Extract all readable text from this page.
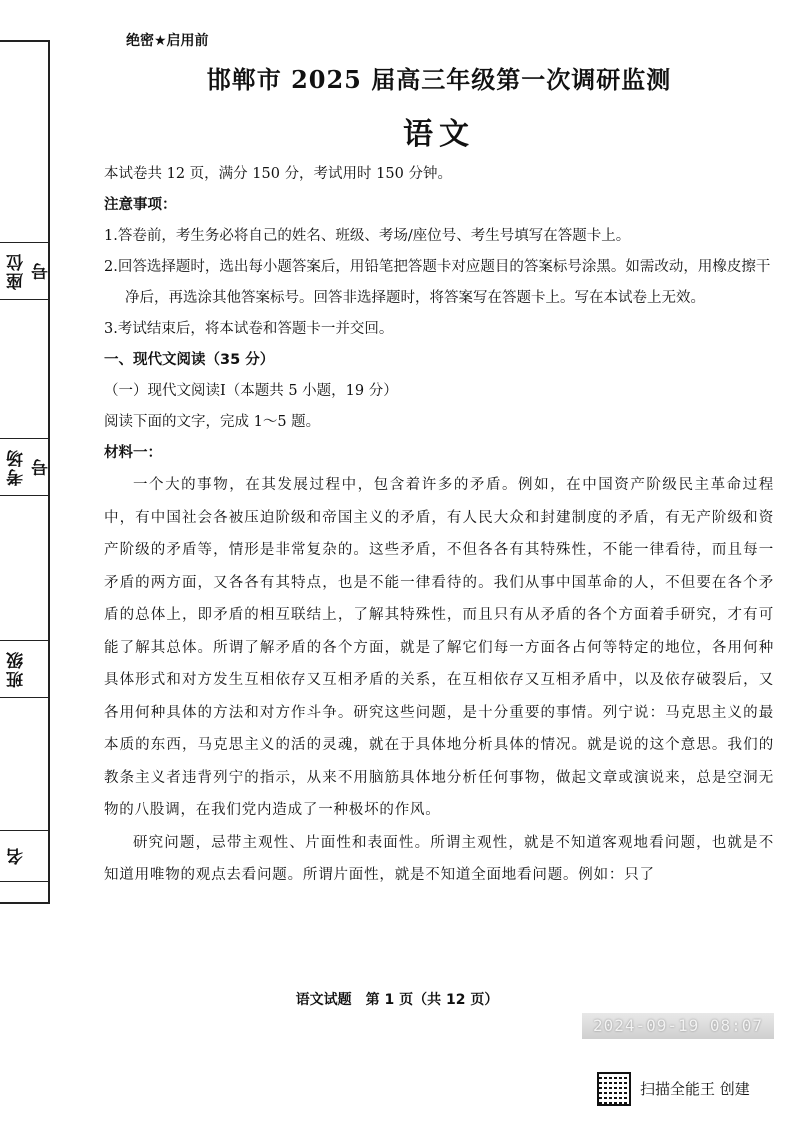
座位号
考场号
班级
名
绝密★启用前
邯郸市 2025 届高三年级第一次调研监测
语文

本试卷共 12 页，满分 150 分，考试用时 150 分钟。

注意事项：

1.答卷前，考生务必将自己的姓名、班级、考场/座位号、考生号填写在答题卡上。

2.回答选择题时，选出每小题答案后，用铅笔把答题卡对应题目的答案标号涂黑。如需改动，用橡皮擦干净后，再选涂其他答案标号。回答非选择题时，将答案写在答题卡上。写在本试卷上无效。

3.考试结束后，将本试卷和答题卡一并交回。

一、现代文阅读（35 分）

（一）现代文阅读Ⅰ（本题共 5 小题，19 分）

阅读下面的文字，完成 1～5 题。

材料一：

一个大的事物，在其发展过程中，包含着许多的矛盾。例如，在中国资产阶级民主革命过程中，有中国社会各被压迫阶级和帝国主义的矛盾，有人民大众和封建制度的矛盾，有无产阶级和资产阶级的矛盾等，情形是非常复杂的。这些矛盾，不但各各有其特殊性，不能一律看待，而且每一矛盾的两方面，又各各有其特点，也是不能一律看待的。我们从事中国革命的人，不但要在各个矛盾的总体上，即矛盾的相互联结上，了解其特殊性，而且只有从矛盾的各个方面着手研究，才有可能了解其总体。所谓了解矛盾的各个方面，就是了解它们每一方面各占何等特定的地位，各用何种具体形式和对方发生互相依存又互相矛盾的关系，在互相依存又互相矛盾中，以及依存破裂后，又各用何种具体的方法和对方作斗争。研究这些问题，是十分重要的事情。列宁说：马克思主义的最本质的东西，马克思主义的活的灵魂，就在于具体地分析具体的情况。就是说的这个意思。我们的教条主义者违背列宁的指示，从来不用脑筋具体地分析任何事物，做起文章或演说来，总是空洞无物的八股调，在我们党内造成了一种极坏的作风。

研究问题，忌带主观性、片面性和表面性。所谓主观性，就是不知道客观地看问题，也就是不知道用唯物的观点去看问题。所谓片面性，就是不知道全面地看问题。例如：只了

语文试题　第 1 页（共 12 页）
2024-09-19 08:07
扫描全能王 创建
